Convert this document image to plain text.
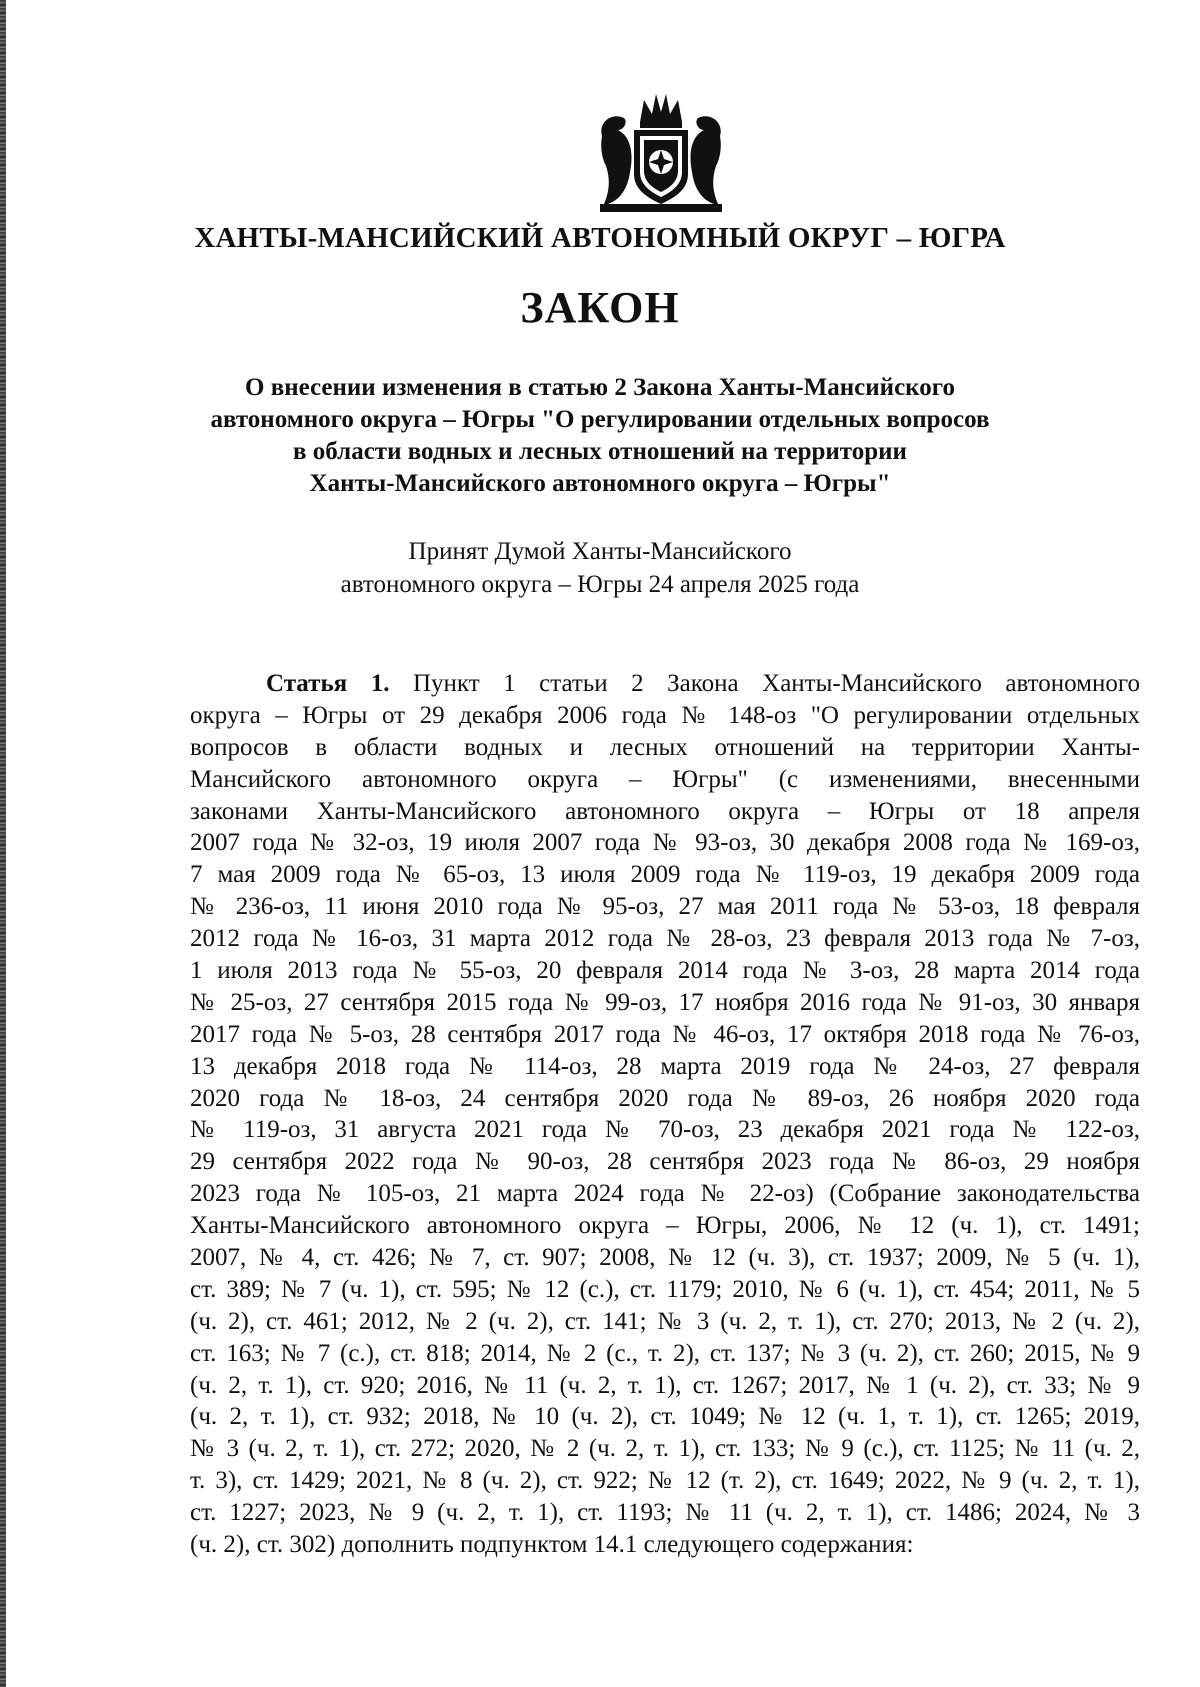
ХАНТЫ-МАНСИЙСКИЙ АВТОНОМНЫЙ ОКРУГ – ЮГРА
ЗАКОН
О внесении изменения в статью 2 Закона Ханты-Мансийского
автономного округа – Югры "О регулировании отдельных вопросов
в области водных и лесных отношений на территории
Ханты-Мансийского автономного округа – Югры"
Принят Думой Ханты-Мансийского
автономного округа – Югры 24 апреля 2025 года
Статья 1. Пункт 1 статьи 2 Закона Ханты-Мансийского автономного
округа – Югры от 29 декабря 2006 года № 148-оз "О регулировании отдельных
вопросов в области водных и лесных отношений на территории Ханты-
Мансийского автономного округа – Югры" (с изменениями, внесенными
законами Ханты-Мансийского автономного округа – Югры от 18 апреля
2007 года № 32-оз, 19 июля 2007 года № 93-оз, 30 декабря 2008 года № 169-оз,
7 мая 2009 года № 65-оз, 13 июля 2009 года № 119-оз, 19 декабря 2009 года
№ 236-оз, 11 июня 2010 года № 95-оз, 27 мая 2011 года № 53-оз, 18 февраля
2012 года № 16-оз, 31 марта 2012 года № 28-оз, 23 февраля 2013 года № 7-оз,
1 июля 2013 года № 55-оз, 20 февраля 2014 года № 3-оз, 28 марта 2014 года
№ 25-оз, 27 сентября 2015 года № 99-оз, 17 ноября 2016 года № 91-оз, 30 января
2017 года № 5-оз, 28 сентября 2017 года № 46-оз, 17 октября 2018 года № 76-оз,
13 декабря 2018 года № 114-оз, 28 марта 2019 года № 24-оз, 27 февраля
2020 года № 18-оз, 24 сентября 2020 года № 89-оз, 26 ноября 2020 года
№ 119-оз, 31 августа 2021 года № 70-оз, 23 декабря 2021 года № 122-оз,
29 сентября 2022 года № 90-оз, 28 сентября 2023 года № 86-оз, 29 ноября
2023 года № 105-оз, 21 марта 2024 года № 22-оз) (Собрание законодательства
Ханты-Мансийского автономного округа – Югры, 2006, № 12 (ч. 1), ст. 1491;
2007, № 4, ст. 426; № 7, ст. 907; 2008, № 12 (ч. 3), ст. 1937; 2009, № 5 (ч. 1),
ст. 389; № 7 (ч. 1), ст. 595; № 12 (с.), ст. 1179; 2010, № 6 (ч. 1), ст. 454; 2011, № 5
(ч. 2), ст. 461; 2012, № 2 (ч. 2), ст. 141; № 3 (ч. 2, т. 1), ст. 270; 2013, № 2 (ч. 2),
ст. 163; № 7 (с.), ст. 818; 2014, № 2 (с., т. 2), ст. 137; № 3 (ч. 2), ст. 260; 2015, № 9
(ч. 2, т. 1), ст. 920; 2016, № 11 (ч. 2, т. 1), ст. 1267; 2017, № 1 (ч. 2), ст. 33; № 9
(ч. 2, т. 1), ст. 932; 2018, № 10 (ч. 2), ст. 1049; № 12 (ч. 1, т. 1), ст. 1265; 2019,
№ 3 (ч. 2, т. 1), ст. 272; 2020, № 2 (ч. 2, т. 1), ст. 133; № 9 (с.), ст. 1125; № 11 (ч. 2,
т. 3), ст. 1429; 2021, № 8 (ч. 2), ст. 922; № 12 (т. 2), ст. 1649; 2022, № 9 (ч. 2, т. 1),
ст. 1227; 2023, № 9 (ч. 2, т. 1), ст. 1193; № 11 (ч. 2, т. 1), ст. 1486; 2024, № 3
(ч. 2), ст. 302) дополнить подпунктом 14.1 следующего содержания:
